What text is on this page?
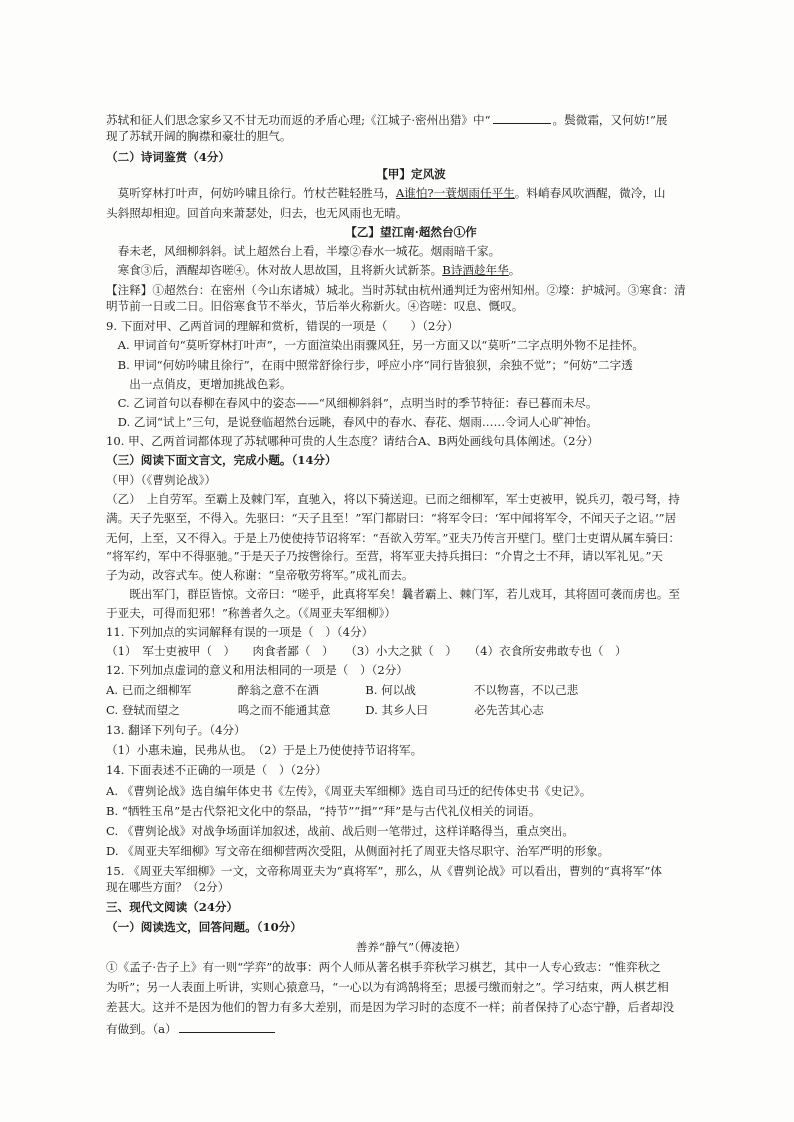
苏轼和征人们思念家乡又不甘无功而返的矛盾心理;《江城子·密州出猎》中“	。鬓微霜，又何妨!”展
现了苏轼开阔的胸襟和豪壮的胆气。
（二）诗词鉴赏（4分）
【甲】定风波
　莫听穿林打叶声，何妨吟啸且徐行。竹杖芒鞋轻胜马，A谁怕?一蓑烟雨任平生。料峭春风吹酒醒，微冷，山
头斜照却相迎。回首向来萧瑟处，归去，也无风雨也无晴。
【乙】望江南·超然台①作
　春未老，风细柳斜斜。试上超然台上看，半壕②春水一城花。烟雨暗千家。
　寒食③后，酒醒却咨嗟④。休对故人思故国，且将新火试新茶。B诗酒趁年华。
【注释】①超然台：在密州（今山东诸城）城北。当时苏轼由杭州通判迁为密州知州。②壕：护城河。③寒食：清
明节前一日或二日。旧俗寒食节不举火，节后举火称新火。④咨嗟：叹息、慨叹。
9. 下面对甲、乙两首词的理解和赏析，错误的一项是（　　）（2分）
　A. 甲词首句“莫听穿林打叶声”，一方面渲染出雨骤风狂，另一方面又以“莫听”二字点明外物不足挂怀。
　B. 甲词“何妨吟啸且徐行”，在雨中照常舒徐行步，呼应小序“同行皆狼狈，余独不觉”；“何妨”二字透
　　出一点俏皮，更增加挑战色彩。
　C. 乙词首句以春柳在春风中的姿态——“风细柳斜斜”，点明当时的季节特征：春已暮而未尽。
　D. 乙词“试上”三句，是说登临超然台远眺，春风中的春水、春花、烟雨……令词人心旷神怡。
10. 甲、乙两首词都体现了苏轼哪种可贵的人生态度？请结合A、B两处画线句具体阐述。（2分）
（三）阅读下面文言文，完成小题。（14分）
（甲）（《曹刿论战》）
（乙）　上自劳军。至霸上及棘门军，直驰入，将以下骑送迎。已而之细柳军，军士吏被甲，锐兵刃，彀弓弩，持
满。天子先驱至，不得入。先驱曰：“天子且至！”军门都尉曰：“将军令曰：‘军中闻将军令，不闻天子之诏。’”居
无何，上至，又不得入。于是上乃使使持节诏将军：“吾欲入劳军。”亚夫乃传言开壁门。壁门士吏谓从属车骑曰：
“将军约，军中不得驱驰。”于是天子乃按辔徐行。至营，将军亚夫持兵揖曰：“介胄之士不拜，请以军礼见。”天
子为动，改容式车。使人称谢：“皇帝敬劳将军。”成礼而去。
　　既出军门，群臣皆惊。文帝曰：“嗟乎，此真将军矣！曩者霸上、棘门军，若儿戏耳，其将固可袭而虏也。至
于亚夫，可得而犯邪！”称善者久之。（《周亚夫军细柳》）
11. 下列加点的实词解释有误的一项是（　）（4分）
（1）　军士吏被甲（　）　　肉食者鄙（　）　　（3）小大之狱（　）　　（4）衣食所安弗敢专也（　）
12. 下列加点虚词的意义和用法相同的一项是（　）（2分）
A. 已而之细柳军　　　　醉翁之意不在酒　　　　B. 何以战　　　　　不以物喜，不以己悲
C. 登轼而望之　　　　　鸣之而不能通其意　　　D. 其乡人曰　　　　必先苦其心志
13. 翻译下列句子。（4分）
（1）小惠未遍，民弗从也。　（2）于是上乃使使持节诏将军。
14. 下面表述不正确的一项是（　）（2分）
A. 《曹刿论战》选自编年体史书《左传》，《周亚夫军细柳》选自司马迁的纪传体史书《史记》。
B. “牺牲玉帛”是古代祭祀文化中的祭品，“持节”“揖”“拜”是与古代礼仪相关的词语。
C. 《曹刿论战》对战争场面详加叙述，战前、战后则一笔带过，这样详略得当，重点突出。
D. 《周亚夫军细柳》写文帝在细柳营两次受阻，从侧面衬托了周亚夫恪尽职守、治军严明的形象。
15. 《周亚夫军细柳》一文，文帝称周亚夫为“真将军”，那么，从《曹刿论战》可以看出，曹刿的“真将军”体
现在哪些方面？（2分）
三、现代文阅读（24分）
（一）阅读选文，回答问题。（10分）
善养“静气”（傅凌艳）
①《孟子·告子上》有一则“学弈”的故事：两个人师从著名棋手弈秋学习棋艺，其中一人专心致志：“惟弈秋之
为听”；另一人表面上听讲，实则心猿意马，“一心以为有鸿鹄将至；思援弓缴而射之”。学习结束，两人棋艺相
差甚大。这并不是因为他们的智力有多大差别，而是因为学习时的态度不一样；前者保持了心态宁静，后者却没
有做到。（a）
